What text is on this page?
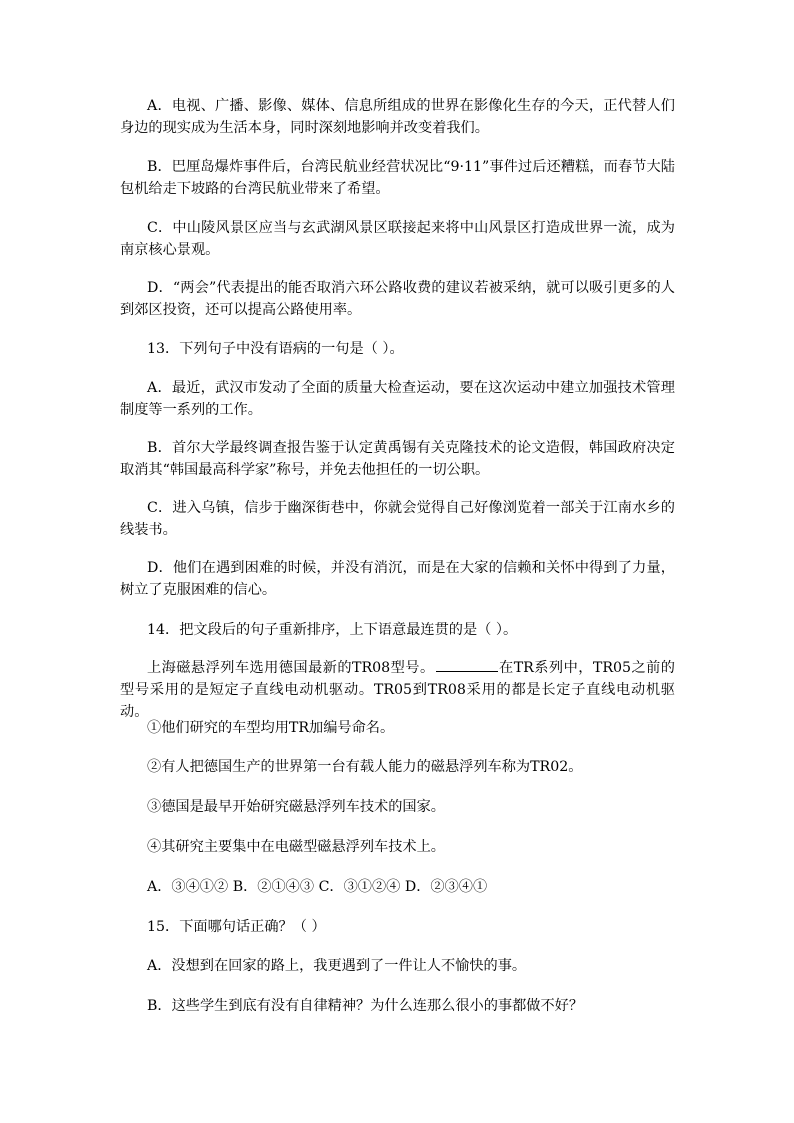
A．电视、广播、影像、媒体、信息所组成的世界在影像化生存的今天，正代替人们身边的现实成为生活本身，同时深刻地影响并改变着我们。

B．巴厘岛爆炸事件后，台湾民航业经营状况比“9·11”事件过后还糟糕，而春节大陆包机给走下坡路的台湾民航业带来了希望。

C．中山陵风景区应当与玄武湖风景区联接起来将中山风景区打造成世界一流，成为南京核心景观。

D．“两会”代表提出的能否取消六环公路收费的建议若被采纳，就可以吸引更多的人到郊区投资，还可以提高公路使用率。

13．下列句子中没有语病的一句是（ ）。

A．最近，武汉市发动了全面的质量大检查运动，要在这次运动中建立加强技术管理制度等一系列的工作。

B．首尔大学最终调查报告鉴于认定黄禹锡有关克隆技术的论文造假，韩国政府决定取消其“韩国最高科学家”称号，并免去他担任的一切公职。

C．进入乌镇，信步于幽深街巷中，你就会觉得自己好像浏览着一部关于江南水乡的线装书。

D．他们在遇到困难的时候，并没有消沉，而是在大家的信赖和关怀中得到了力量，树立了克服困难的信心。

14．把文段后的句子重新排序，上下语意最连贯的是（ ）。

上海磁悬浮列车选用德国最新的TR08型号。	在TR系列中，TR05之前的型号采用的是短定子直线电动机驱动。TR05到TR08采用的都是长定子直线电动机驱动。

①他们研究的车型均用TR加编号命名。

②有人把德国生产的世界第一台有载人能力的磁悬浮列车称为TR02。

③德国是最早开始研究磁悬浮列车技术的国家。

④其研究主要集中在电磁型磁悬浮列车技术上。

A．③④①② B．②①④③ C．③①②④ D．②③④①

15．下面哪句话正确？（ ）

A．没想到在回家的路上，我更遇到了一件让人不愉快的事。

B．这些学生到底有没有自律精神？为什么连那么很小的事都做不好？
